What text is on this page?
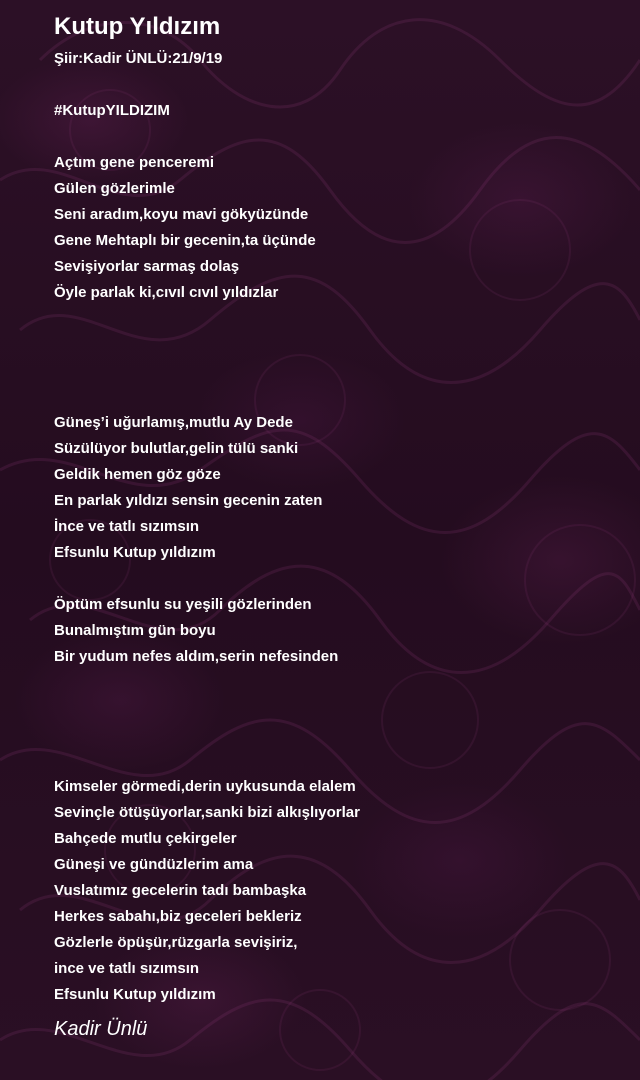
Kutup Yıldızım
Şiir:Kadir ÜNLÜ:21/9/19
#KutupYILDIZIM
Açtım gene penceremi
Gülen gözlerimle
Seni aradım,koyu mavi gökyüzünde
Gene Mehtaplı bir gecenin,ta üçünde
Sevişiyorlar sarmaş dolaş
Öyle parlak ki,cıvıl cıvıl yıldızlar
Güneş’i uğurlamış,mutlu Ay Dede
Süzülüyor bulutlar,gelin tülü sanki
Geldik hemen göz göze
En parlak yıldızı sensin gecenin zaten
İnce ve tatlı sızımsın
Efsunlu Kutup yıldızım
Öptüm efsunlu su yeşili gözlerinden
Bunalmıştım gün boyu
Bir yudum nefes aldım,serin nefesinden
Kimseler görmedi,derin uykusunda elalem
Sevinçle ötüşüyorlar,sanki bizi alkışlıyorlar
Bahçede mutlu çekirgeler
Güneşi ve gündüzlerim ama
Vuslatımız gecelerin tadı bambaşka
Herkes sabahı,biz geceleri bekleriz
Gözlerle öpüşür,rüzgarla sevişiriz,
ince ve tatlı sızımsın
Efsunlu Kutup yıldızım
Kadir Ünlü
